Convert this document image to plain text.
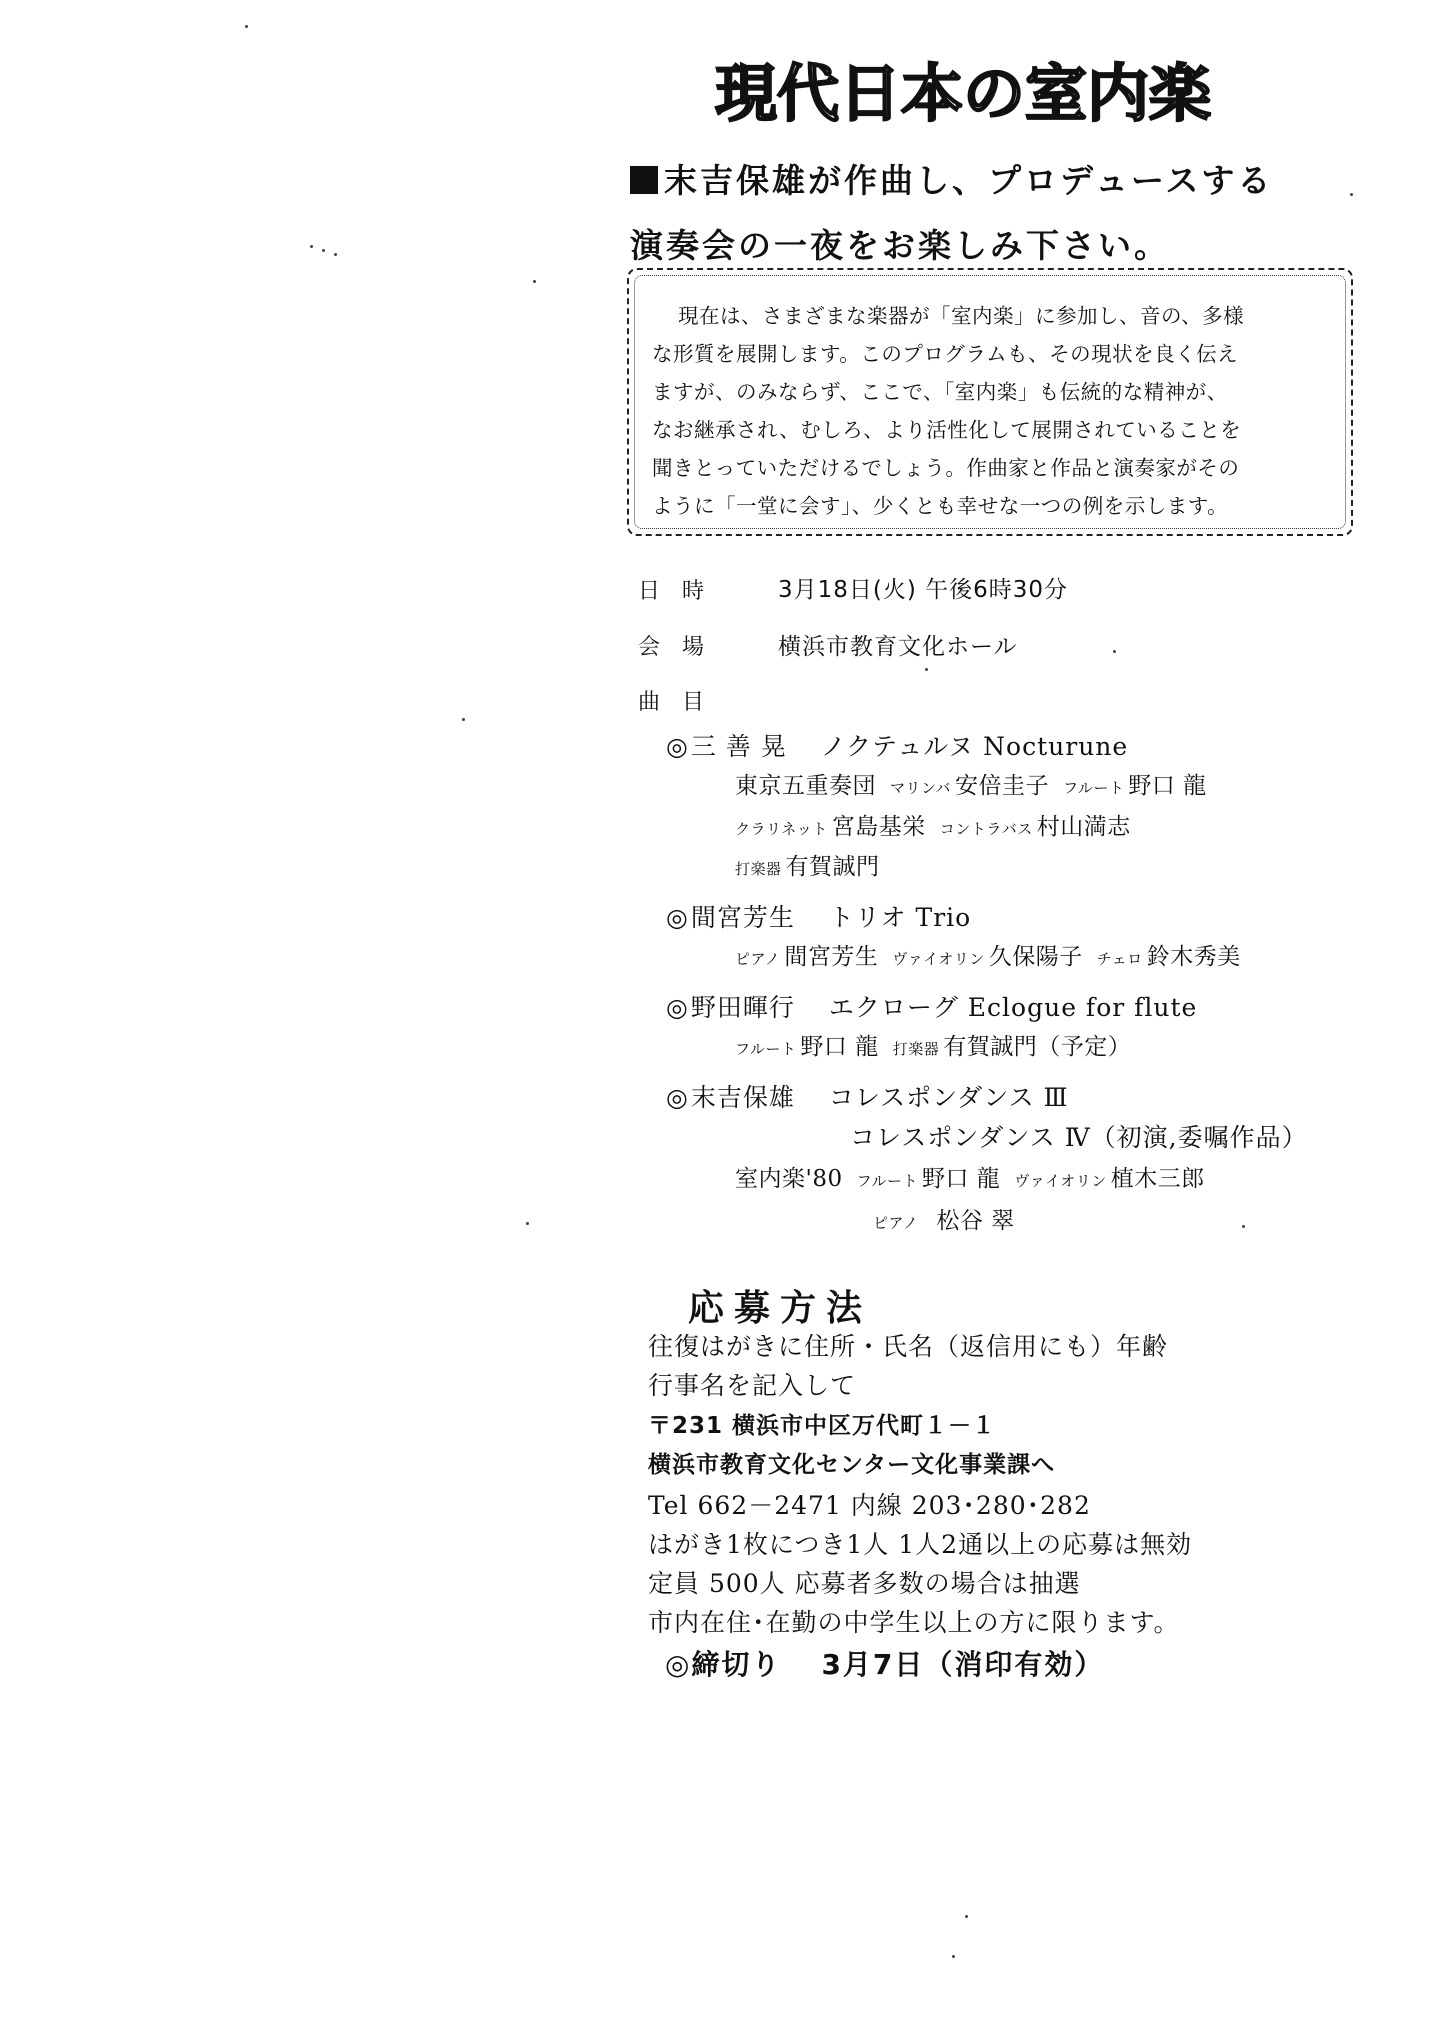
現代日本の室内楽
末吉保雄が作曲し、プロデュースする
演奏会の一夜をお楽しみ下さい。
現在は、さまざまな楽器が「室内楽」に参加し、音の、多様
な形質を展開します。このプログラムも、その現状を良く伝え
ますが、のみならず、ここで、「室内楽」も伝統的な精神が、
なお継承され、むしろ、より活性化して展開されていることを
聞きとっていただけるでしょう。作曲家と作品と演奏家がその
ように「一堂に会す」、少くとも幸せな一つの例を示します。
日時 3月18日(火) 午後6時30分
会場 横浜市教育文化ホール
曲目
◎三 善 晃 ノクテュルヌ Nocturune
東京五重奏団 マリンバ 安倍圭子 フルート 野口 龍
クラリネット 宮島基栄 コントラバス 村山満志
打楽器 有賀誠門
◎間宮芳生 トリオ Trio
ピアノ 間宮芳生 ヴァイオリン 久保陽子 チェロ 鈴木秀美
◎野田暉行 エクローグ Eclogue for flute
フルート 野口 龍 打楽器 有賀誠門（予定）
◎末吉保雄 コレスポンダンス Ⅲ
コレスポンダンス Ⅳ（初演,委嘱作品）
室内楽'80 フルート 野口 龍 ヴァイオリン 植木三郎
ピアノ 松谷 翠
応募方法
往復はがきに住所・氏名（返信用にも）年齢
行事名を記入して
〒231 横浜市中区万代町１－１
横浜市教育文化センター文化事業課へ
Tel 662－2471 内線 203･280･282
はがき1枚につき1人 1人2通以上の応募は無効
定員 500人 応募者多数の場合は抽選
市内在住･在勤の中学生以上の方に限ります。
◎締切り 3月7日（消印有効）
